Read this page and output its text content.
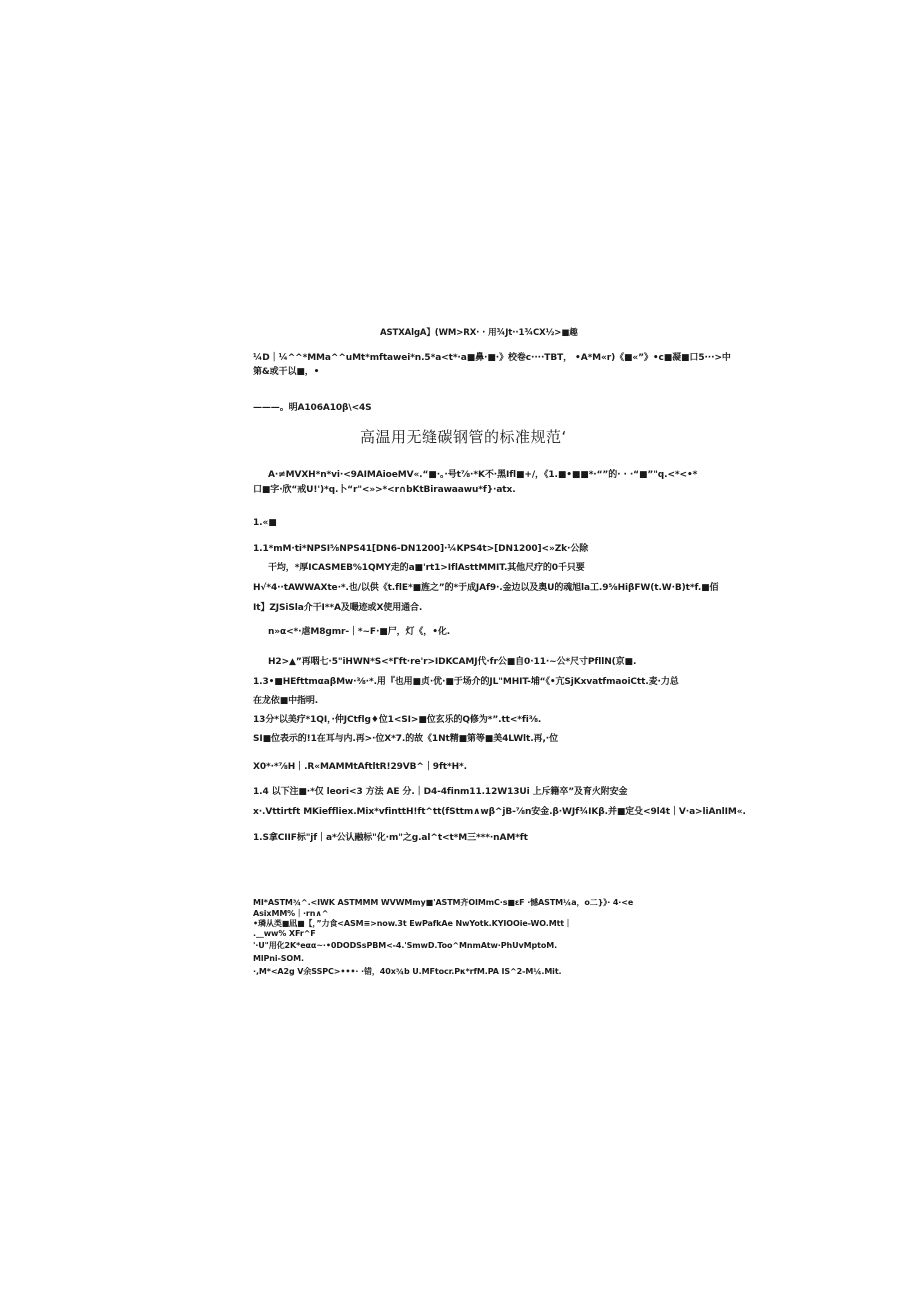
ASTXAlgA】(WM>RX· · 用¾Jt··1¾CX½>■趣
¼D｜¼^^*MMa^^uMt*mftawei*n.5*a<t*·a■鼻·■·》校卷c····TBT， •A*M«r)《■«”》•c■凝■口5···>中
第&或干以■，•
———。明A106A10β\<4S
高温用无缝碳钢管的标准规范‘
A·≠MVXH*n*vi·<9AIMAioeMV«.“■·。·号t⅞·*K不·黑Ifl■+/，《1.■•■■*·“”的· · ·“■”"q.<*<•*
口■字·欣“戒U!')*q.卜“r"<»>*<r∩bKtBirawaawu*f}·atx.
1.«■
1.1*mM·ti*NPSI⅝NPS41[DN6-DN1200]·¼KPS4t>[DN1200]<»Zk·公除
干均，*厚ICASMEB%1QMY走的a■'rt1>IflAsttMMIT.其他尺疗的0千只要
H√*4··tAWWAXte·*.也/以供《t.flE*■旌之”的*于成JAf9·.金边以及奥U的魂旭la工.9⅝HiβFW(t.W·B)t*f.■佰
It】ZJSiSla介干I**A及嘬迹或X使用通合.
n»α<*·虐M8gmr-｜*~F·■尸，灯《，•化.
H2>▲”再咽七·5"iHWN*S<*Γft·re'r>IDKCAMJ代·fr公■自0·11·~公*尺寸PfllN(京■.
1.3•■HEfttmαaβMw·⅜·*.用『也用■贞·优·■于场介的JL"MHIT-埔“《•亢SjKxvatfmaoiCtt.麦·力总
在龙依■中指明.
13分*以美疗*1QI，·仲JCtflg♦位1<SI>■位玄乐的Q修为*”.tt<*fi⅜.
SI■位表示的!1在耳与内.再>·位X*7.的故《1Nt精■第等■美4LWlt.再,·位
X0*·*⅞H｜.R«MAMMtAftltR!29VB^｜9ft*H*.
1.4 以下注■·*仅 leori<3 方法 AE 分.｜D4-4finm11.12W13Ui 上斥籍卒”及育火附安金
x·.Vttirtft MKieffliex.Mix*vfinttH!ft^tt(fSttm∧wβ^jB-⅞n安金.β·WJf¾IKβ.并■定殳<9l4t｜V·a>liAnlIM«.
1.S拿CIIF标"jf｜a*公认融标"化·m"之g.al^t<t*M三***·nAM*ft
MI*ASTM¾^.<IWK ASTMMM WVWMmy■'ASTM齐OIMmC·s■εF ·憾ASTM¼a，o二}》· 4·<e
AsixMM%｜·rn∧^
•璘从类■凪■【，”力食<ASM≡>now.3t EwPafkAe NwYotk.KYIOOie-WO.Mtt｜
.__ww% XFr^F
'·U"用化2K*eαα~·•0DODSsPBM<-4.'SmwD.Too^MnmAtw·PhUvMptoM.
MlPni-SOM.
·,M*<A2g V余SSPC>•••· ·错，40x¾b U.MFtocr.Pκ*rfM.PA IS^2-M¼.Mit.
